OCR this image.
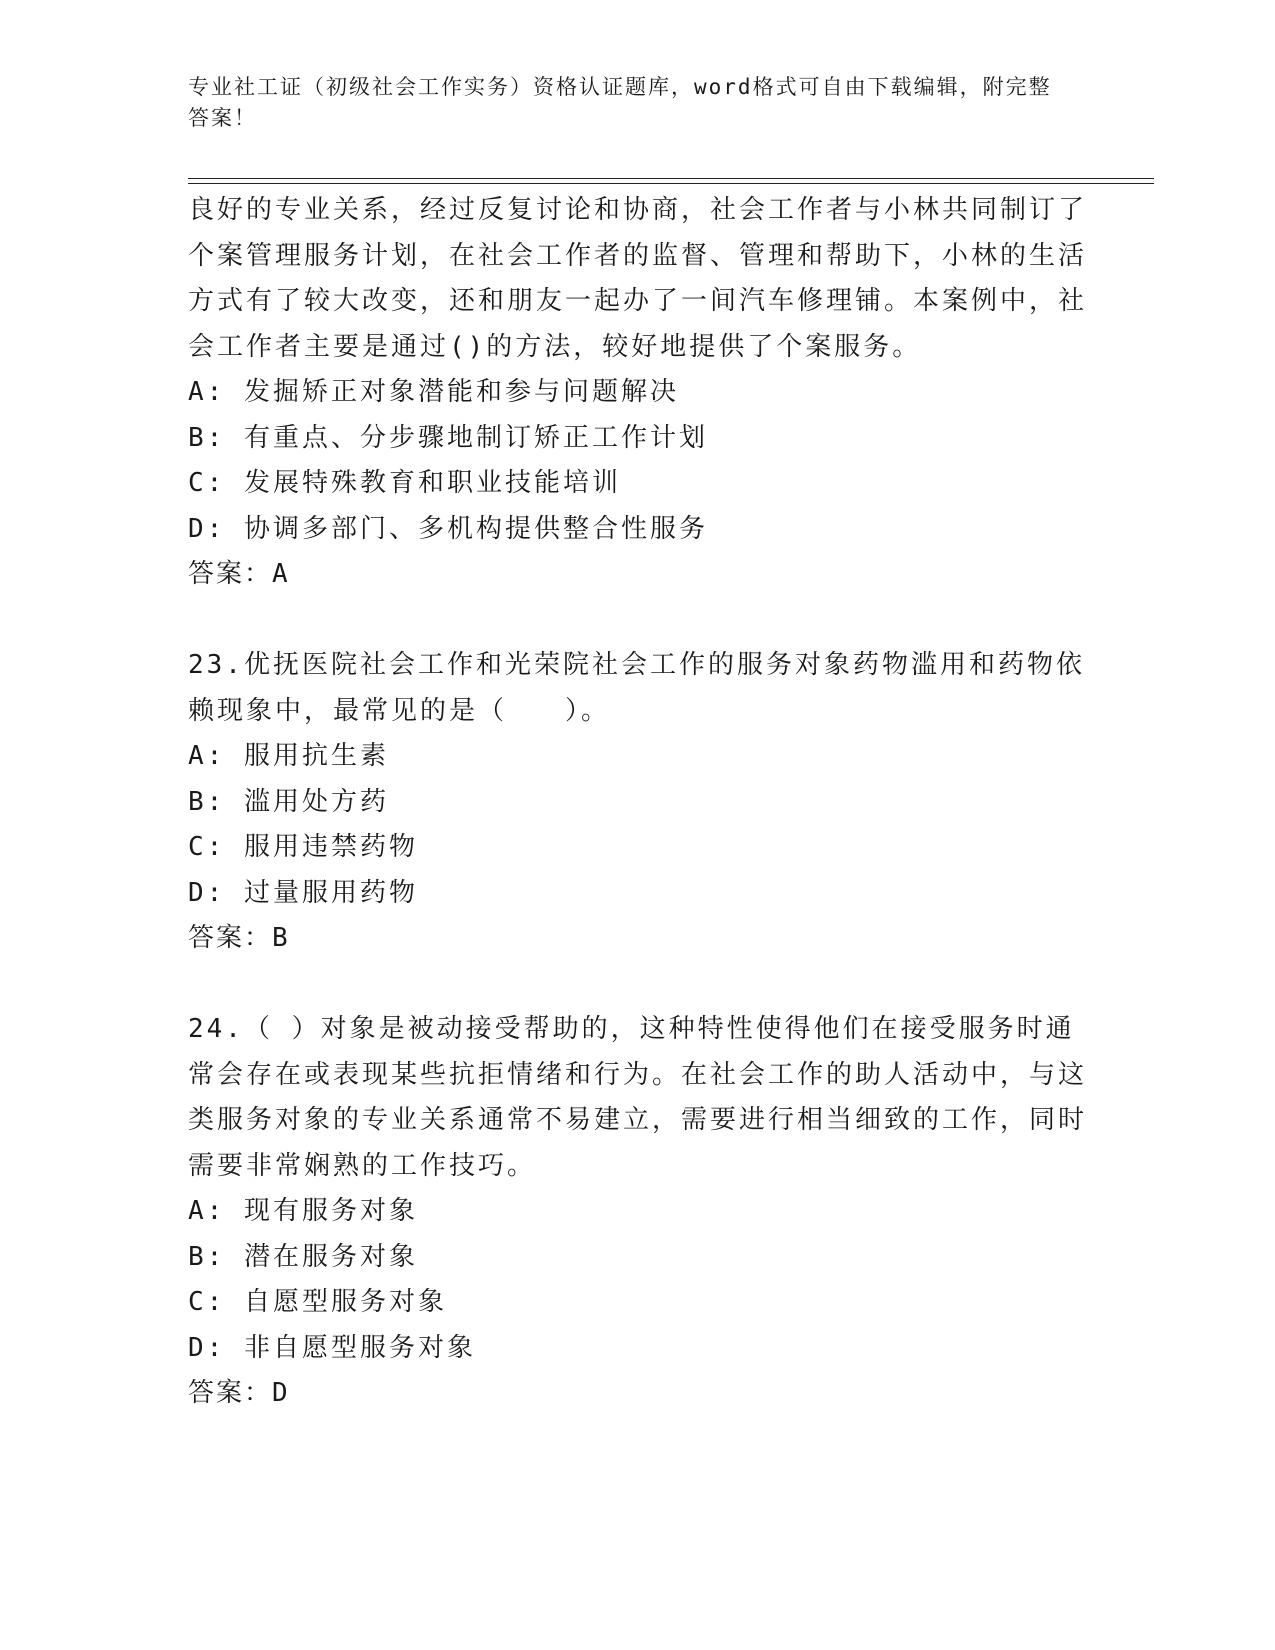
专业社工证（初级社会工作实务）资格认证题库，word格式可自由下载编辑，附完整答案！

良好的专业关系，经过反复讨论和协商，社会工作者与小林共同制订了个案管理服务计划，在社会工作者的监督、管理和帮助下，小林的生活方式有了较大改变，还和朋友一起办了一间汽车修理铺。本案例中，社会工作者主要是通过()的方法，较好地提供了个案服务。

A: 发掘矫正对象潜能和参与问题解决

B: 有重点、分步骤地制订矫正工作计划

C: 发展特殊教育和职业技能培训

D: 协调多部门、多机构提供整合性服务

答案：A

23.优抚医院社会工作和光荣院社会工作的服务对象药物滥用和药物依赖现象中，最常见的是（　　）。

A: 服用抗生素

B: 滥用处方药

C: 服用违禁药物

D: 过量服用药物

答案：B

24.（ ）对象是被动接受帮助的，这种特性使得他们在接受服务时通常会存在或表现某些抗拒情绪和行为。在社会工作的助人活动中，与这类服务对象的专业关系通常不易建立，需要进行相当细致的工作，同时需要非常娴熟的工作技巧。

A: 现有服务对象

B: 潜在服务对象

C: 自愿型服务对象

D: 非自愿型服务对象

答案：D
